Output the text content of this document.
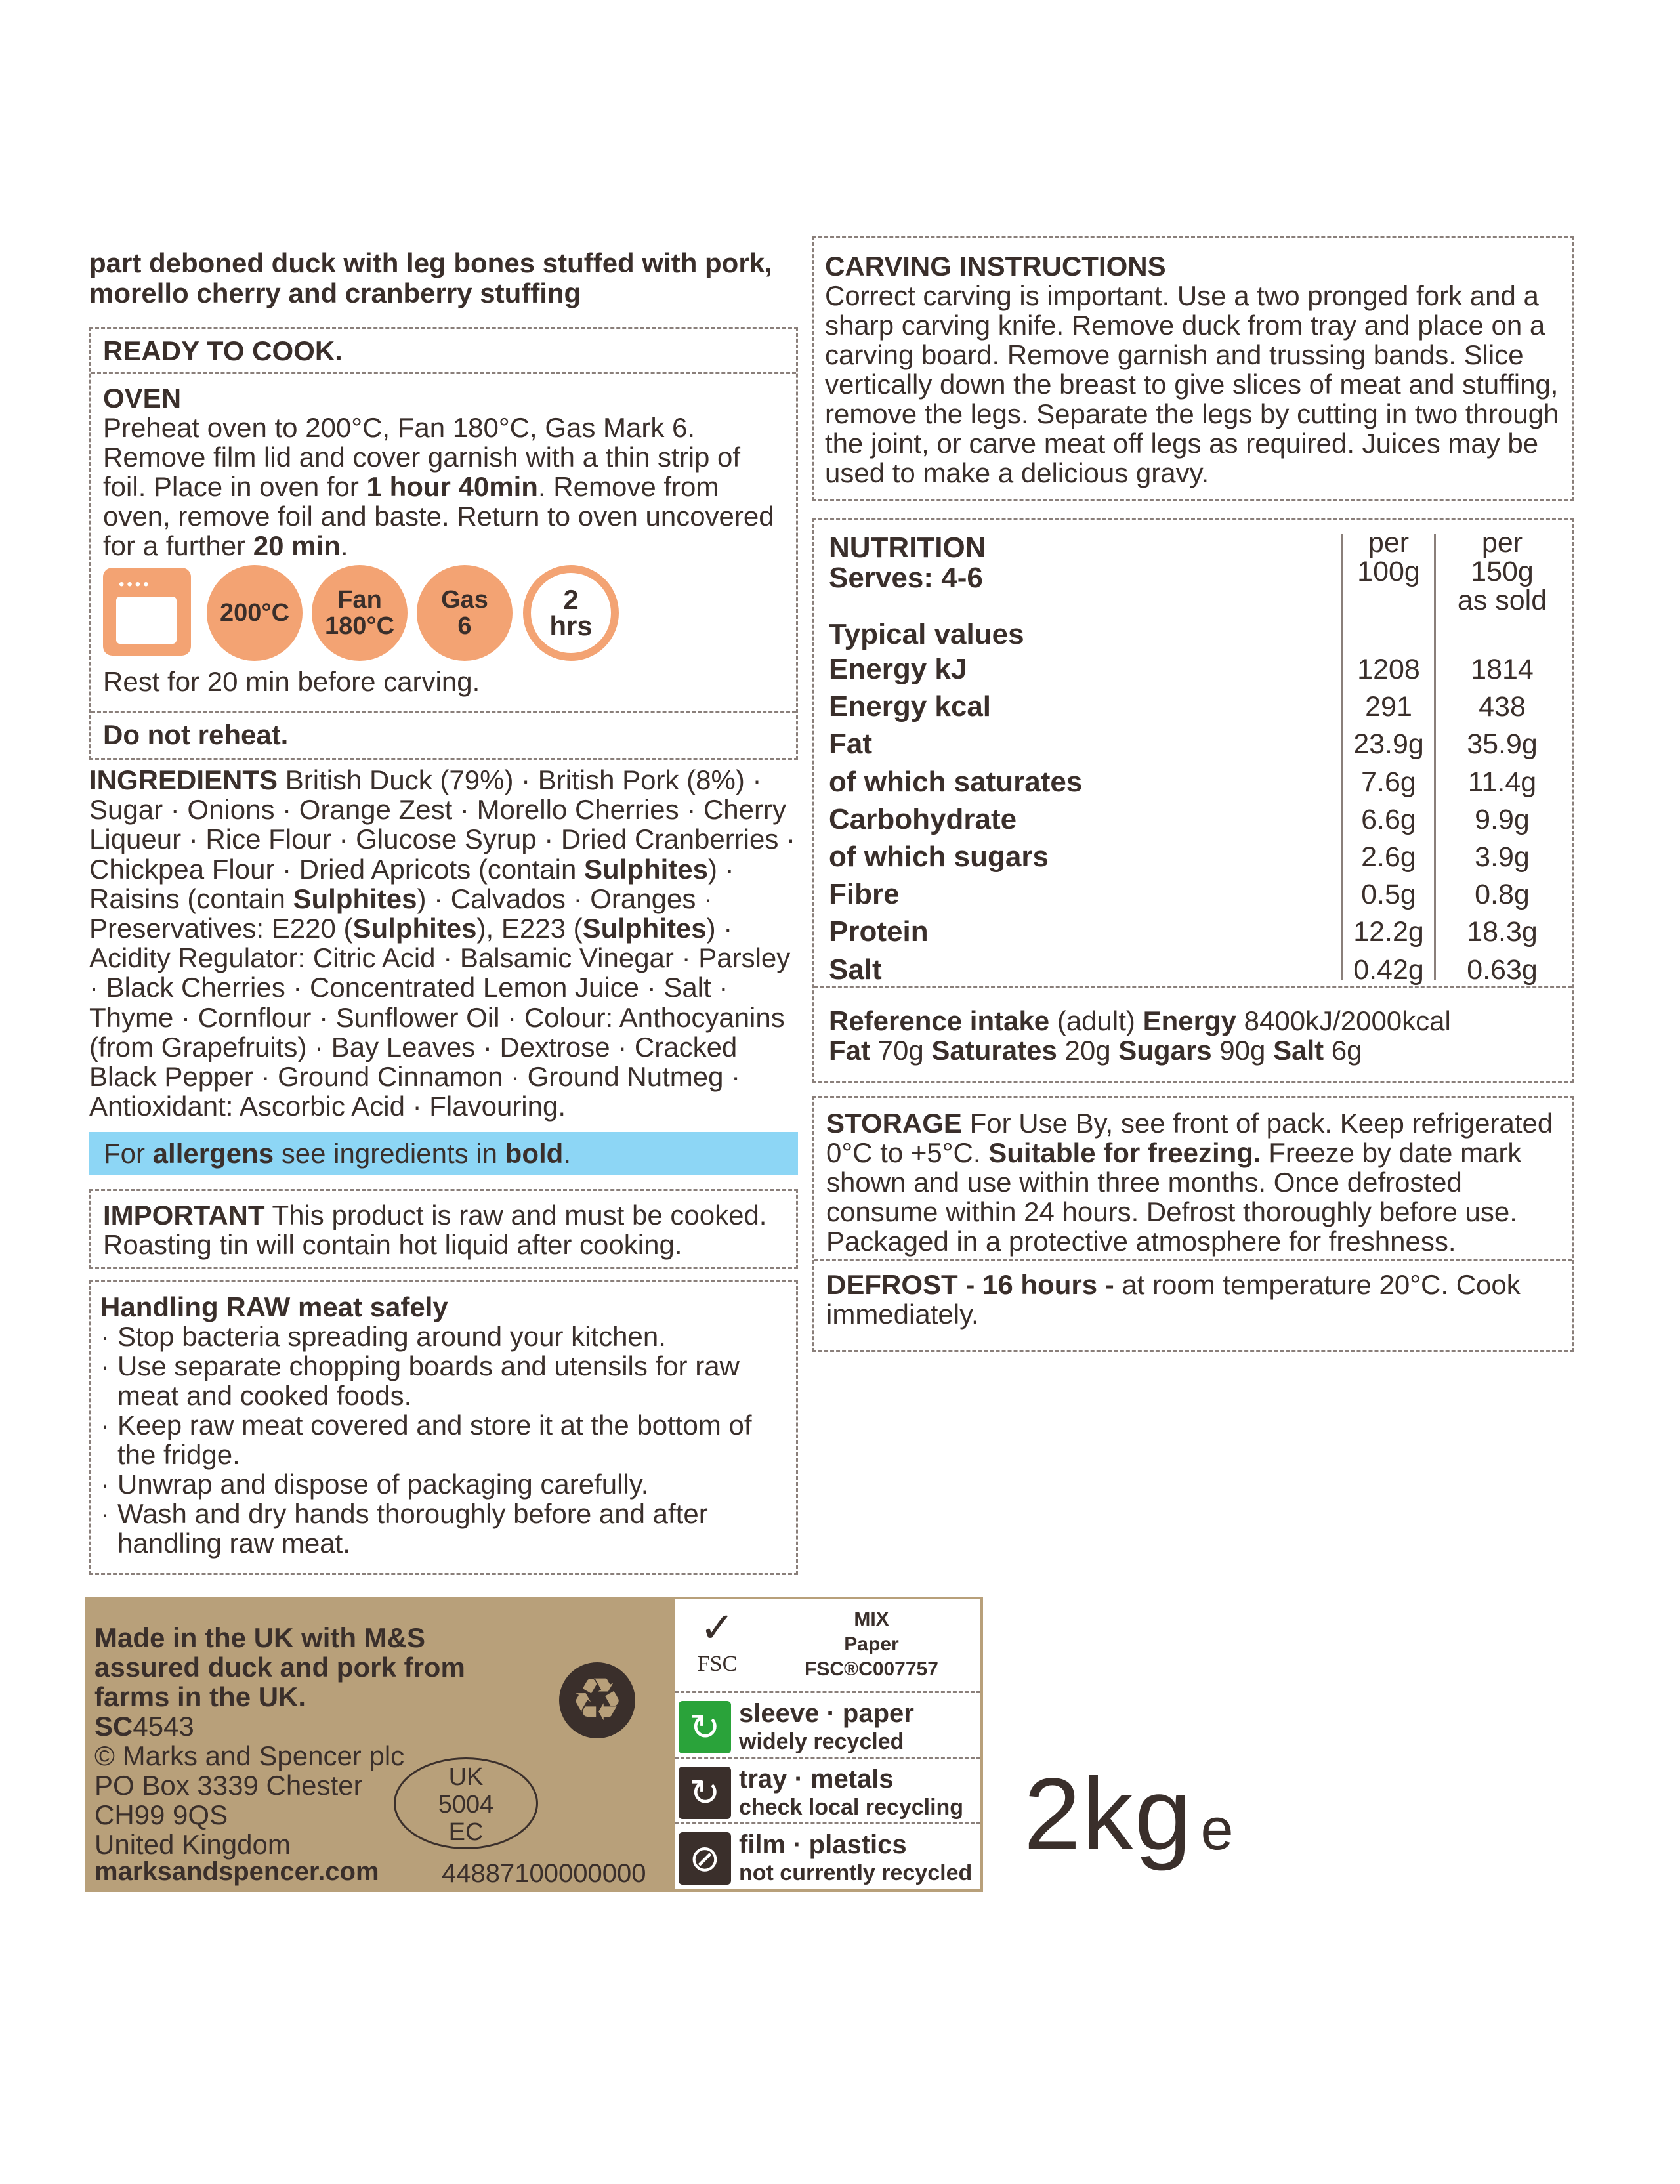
part deboned duck with leg bones stuffed with pork, morello cherry and cranberry stuffing
READY TO COOK.
OVEN

Preheat oven to 200°C, Fan 180°C, Gas Mark 6. Remove film lid and cover garnish with a thin strip of foil. Place in oven for 1 hour 40min. Remove from oven, remove foil and baste. Return to oven uncovered for a further 20 min.

••••
200°C Fan
180°C
Gas
6
2
hrs
Rest for 20 min before carving.
Do not reheat.
INGREDIENTS British Duck (79%) · British Pork (8%) · Sugar · Onions · Orange Zest · Morello Cherries · Cherry Liqueur · Rice Flour · Glucose Syrup · Dried Cranberries · Chickpea Flour · Dried Apricots (contain Sulphites) · Raisins (contain Sulphites) · Calvados · Oranges · Preservatives: E220 (Sulphites), E223 (Sulphites) · Acidity Regulator: Citric Acid · Balsamic Vinegar · Parsley · Black Cherries · Concentrated Lemon Juice · Salt · Thyme · Cornflour · Sunflower Oil · Colour: Anthocyanins (from Grapefruits) · Bay Leaves · Dextrose · Cracked Black Pepper · Ground Cinnamon · Ground Nutmeg · Antioxidant: Ascorbic Acid · Flavouring.
For allergens see ingredients in bold.
IMPORTANT This product is raw and must be cooked. Roasting tin will contain hot liquid after cooking.
Handling RAW meat safely
· Stop bacteria spreading around your kitchen.
· Use separate chopping boards and utensils for raw meat and cooked foods.
· Keep raw meat covered and store it at the bottom of the fridge.
· Unwrap and dispose of packaging carefully.
· Wash and dry hands thoroughly before and after handling raw meat.
Made in the UK with M&S assured duck and pork from farms in the UK.
SC4543
© Marks and Spencer plc
PO Box 3339 Chester
CH99 9QS
United Kingdom
♻
UK
5004
EC
marksandspencer.com 44887100000000
✓
FSC
MIX
Paper
FSC®C007757
↻ sleeve · paper
widely recycled
↻ tray · metals
check local recycling
⊘ film · plastics
not currently recycled
2kg e
CARVING INSTRUCTIONS

Correct carving is important. Use a two pronged fork and a sharp carving knife. Remove duck from tray and place on a carving board. Remove garnish and trussing bands. Slice vertically down the breast to give slices of meat and stuffing, remove the legs. Separate the legs by cutting in two through the joint, or carve meat off legs as required. Juices may be used to make a delicious gravy.

NUTRITION
Serves: 4-6
per
100g
per
150g
as sold
Typical values
Energy kJ	1208	1814
Energy kcal	291	438
Fat	23.9g	35.9g
of which saturates	7.6g	11.4g
Carbohydrate	6.6g	9.9g
of which sugars	2.6g	3.9g
Fibre	0.5g	0.8g
Protein	12.2g	18.3g
Salt	0.42g	0.63g
Reference intake (adult) Energy 8400kJ/2000kcal
Fat 70g Saturates 20g Sugars 90g Salt 6g
STORAGE For Use By, see front of pack. Keep refrigerated 0°C to +5°C. Suitable for freezing. Freeze by date mark shown and use within three months. Once defrosted consume within 24 hours. Defrost thoroughly before use. Packaged in a protective atmosphere for freshness.
DEFROST - 16 hours - at room temperature 20°C. Cook immediately.
